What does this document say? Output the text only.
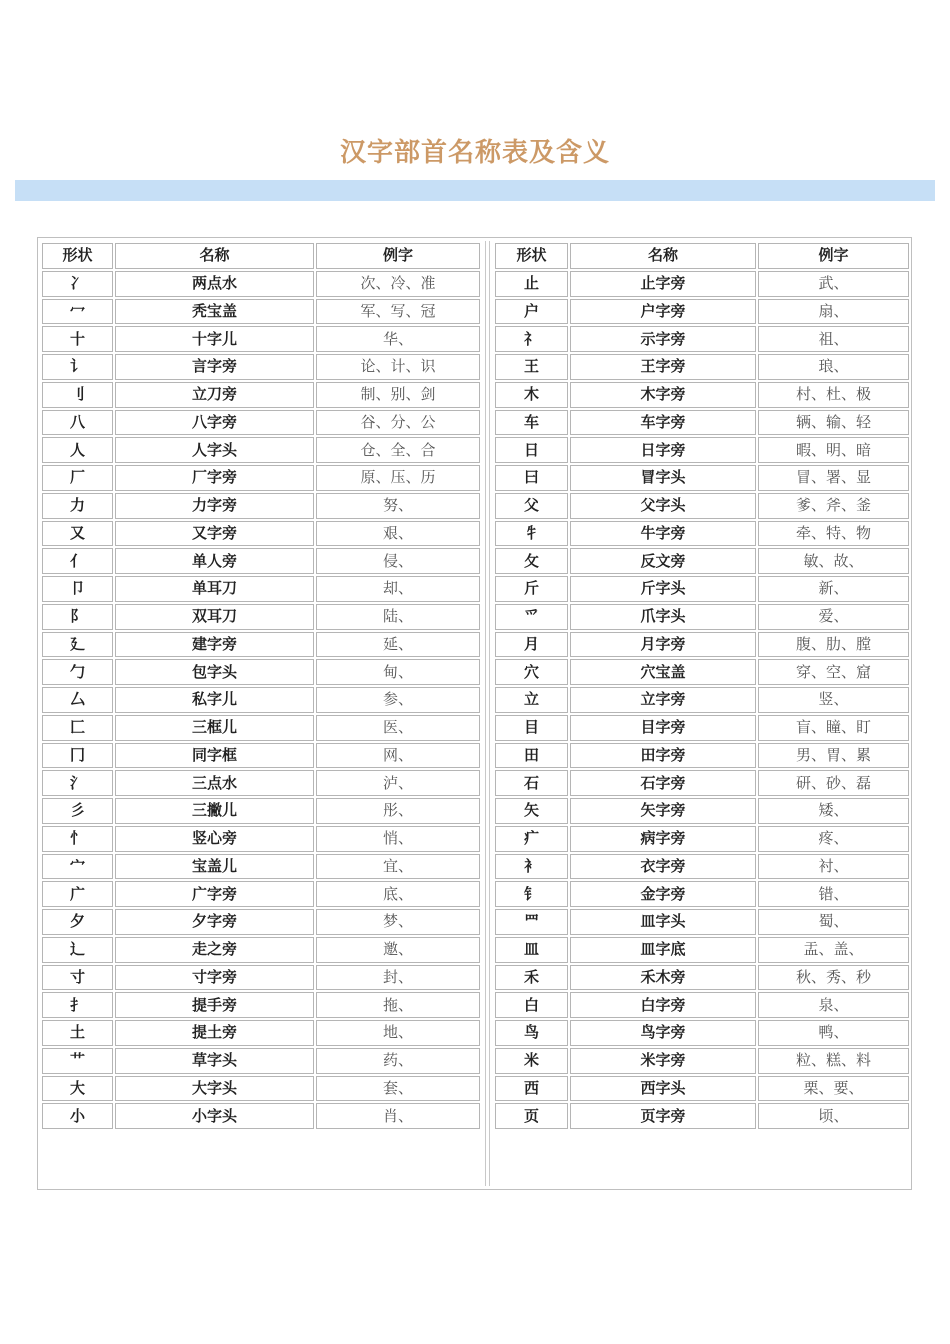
汉字部首名称表及含义
形状	名称	例字
冫	两点水	次、冷、准
冖	秃宝盖	军、写、冠
十	十字儿	华、
讠	言字旁	论、计、识
刂	立刀旁	制、别、剑
八	八字旁	谷、分、公
人	人字头	仓、全、合
厂	厂字旁	原、压、历
力	力字旁	努、
又	又字旁	艰、
亻	单人旁	侵、
卩	单耳刀	却、
阝	双耳刀	陆、
廴	建字旁	延、
勹	包字头	甸、
厶	私字儿	参、
匚	三框儿	医、
冂	同字框	网、
氵	三点水	泸、
彡	三撇儿	彤、
忄	竖心旁	悄、
宀	宝盖儿	宜、
广	广字旁	底、
夕	夕字旁	梦、
辶	走之旁	邀、
寸	寸字旁	封、
扌	提手旁	拖、
土	提土旁	地、
艹	草字头	药、
大	大字头	套、
小	小字头	肖、
形状	名称	例字
止	止字旁	武、
户	户字旁	扇、
礻	示字旁	祖、
王	王字旁	琅、
木	木字旁	村、杜、极
车	车字旁	辆、输、轻
日	日字旁	暇、明、暗
曰	冒字头	冒、署、显
父	父字头	爹、斧、釜
牜	牛字旁	牵、特、物
攵	反文旁	敏、故、
斤	斤字头	新、
爫	爪字头	爱、
月	月字旁	腹、肋、膛
穴	穴宝盖	穿、空、窟
立	立字旁	竖、
目	目字旁	盲、瞳、盯
田	田字旁	男、胃、累
石	石字旁	研、砂、磊
矢	矢字旁	矮、
疒	病字旁	疼、
衤	衣字旁	衬、
钅	金字旁	错、
罒	皿字头	蜀、
皿	皿字底	盂、盖、
禾	禾木旁	秋、秀、秒
白	白字旁	泉、
鸟	鸟字旁	鸭、
米	米字旁	粒、糕、料
西	西字头	栗、要、
页	页字旁	顷、
